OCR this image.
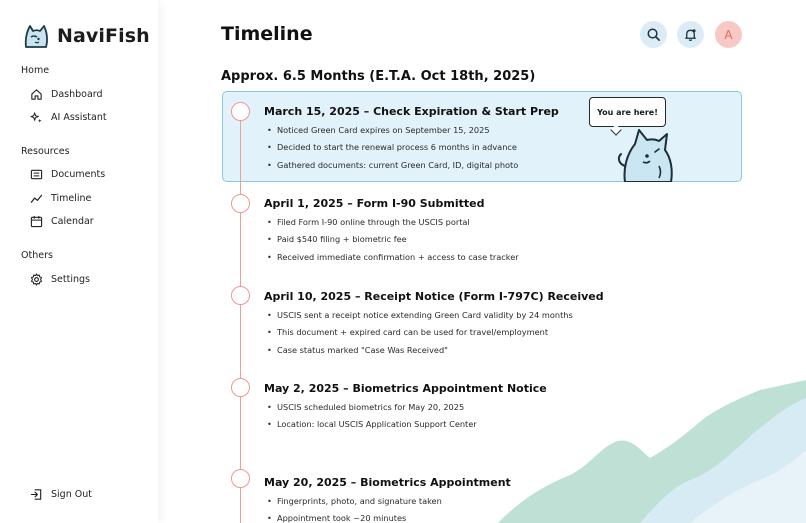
NaviFish
Home
Dashboard
AI Assistant
Resources
Documents
Timeline
Calendar
Others
Settings
Sign Out
Timeline	A
Approx. 6.5 Months (E.T.A. Oct 18th, 2025)
March 15, 2025 – Check Expiration & Start Prep
• Noticed Green Card expires on September 15, 2025
• Decided to start the renewal process 6 months in advance
• Gathered documents: current Green Card, ID, digital photo
April 1, 2025 – Form I-90 Submitted
• Filed Form I-90 online through the USCIS portal
• Paid $540 filing + biometric fee
• Received immediate confirmation + access to case tracker
April 10, 2025 – Receipt Notice (Form I-797C) Received
• USCIS sent a receipt notice extending Green Card validity by 24 months
• This document + expired card can be used for travel/employment
• Case status marked "Case Was Received"
May 2, 2025 – Biometrics Appointment Notice
• USCIS scheduled biometrics for May 20, 2025
• Location: local USCIS Application Support Center
May 20, 2025 – Biometrics Appointment
• Fingerprints, photo, and signature taken
• Appointment took ~20 minutes
You are here!
